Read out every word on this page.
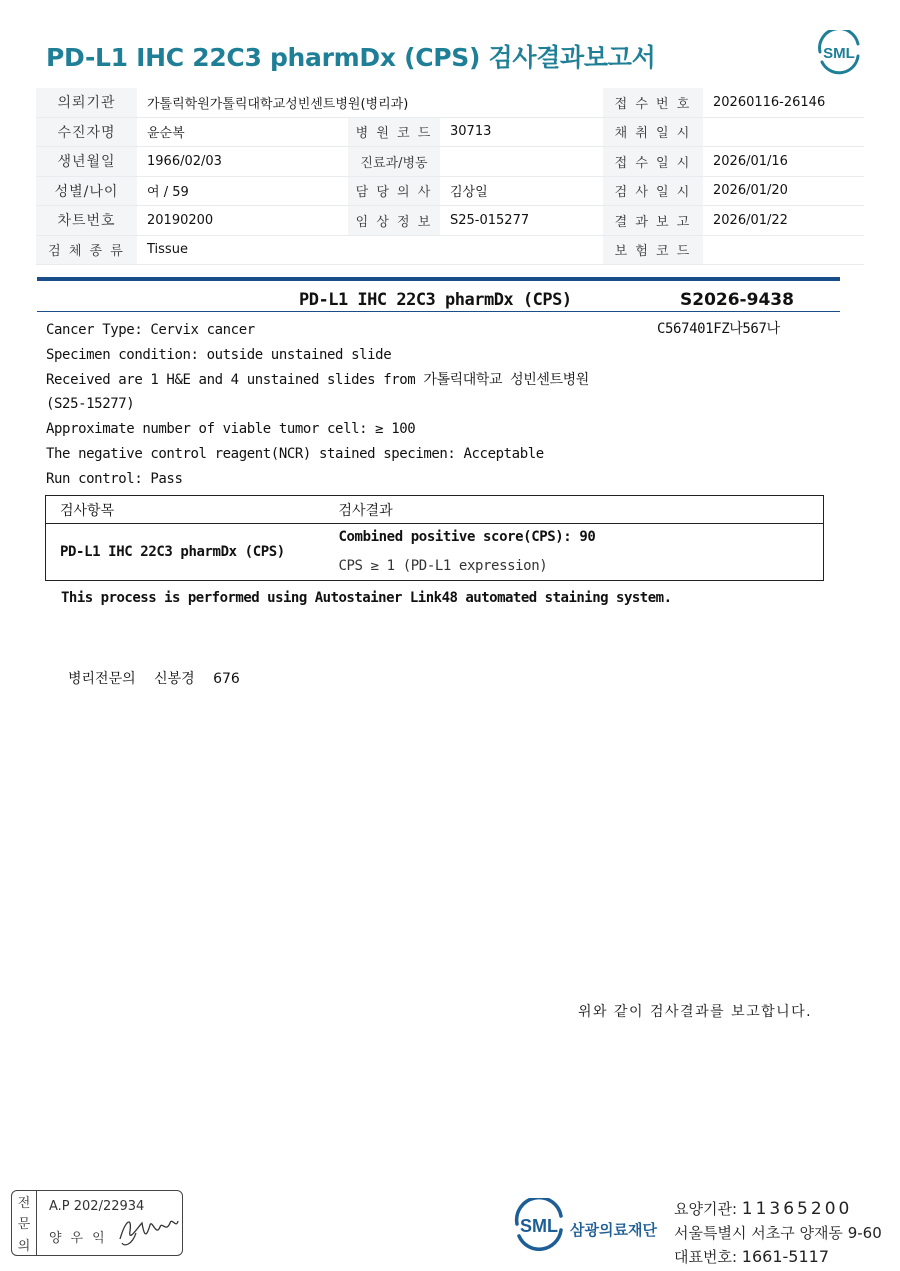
PD-L1 IHC 22C3 pharmDx (CPS) 검사결과보고서	SML
의뢰기관	가톨릭학원가톨릭대학교성빈센트병원(병리과)			접 수 번 호	20260116-26146
수진자명	윤순복	병 원 코 드	30713	채 취 일 시	
생년월일	1966/02/03	진료과/병동		접 수 일 시	2026/01/16
성별/나이	여 / 59	담 당 의 사	김상일	검 사 일 시	2026/01/20
차트번호	20190200	임 상 정 보	S25-015277	결 과 보 고	2026/01/22
검 체 종 류	Tissue			보 험 코 드	
PD-L1 IHC 22C3 pharmDx (CPS)	S2026-9438
C567401FZ나567나
Cancer Type: Cervix cancer
Specimen condition: outside unstained slide
Received are 1 H&E and 4 unstained slides from 가톨릭대학교 성빈센트병원
(S25-15277)
Approximate number of viable tumor cell: ≥ 100
The negative control reagent(NCR) stained specimen: Acceptable
Run control: Pass
검사항목	검사결과
PD-L1 IHC 22C3 pharmDx (CPS)	Combined positive score(CPS): 90
CPS ≥ 1 (PD-L1 expression)
This process is performed using Autostainer Link48 automated staining system.
병리전문의 신봉경 676
위와 같이 검사결과를 보고합니다.
전
문
의
A.P 202/22934
양우익
SML 삼광의료재단
요양기관: 11365200
서울특별시 서초구 양재동 9-60
대표번호: 1661-5117
